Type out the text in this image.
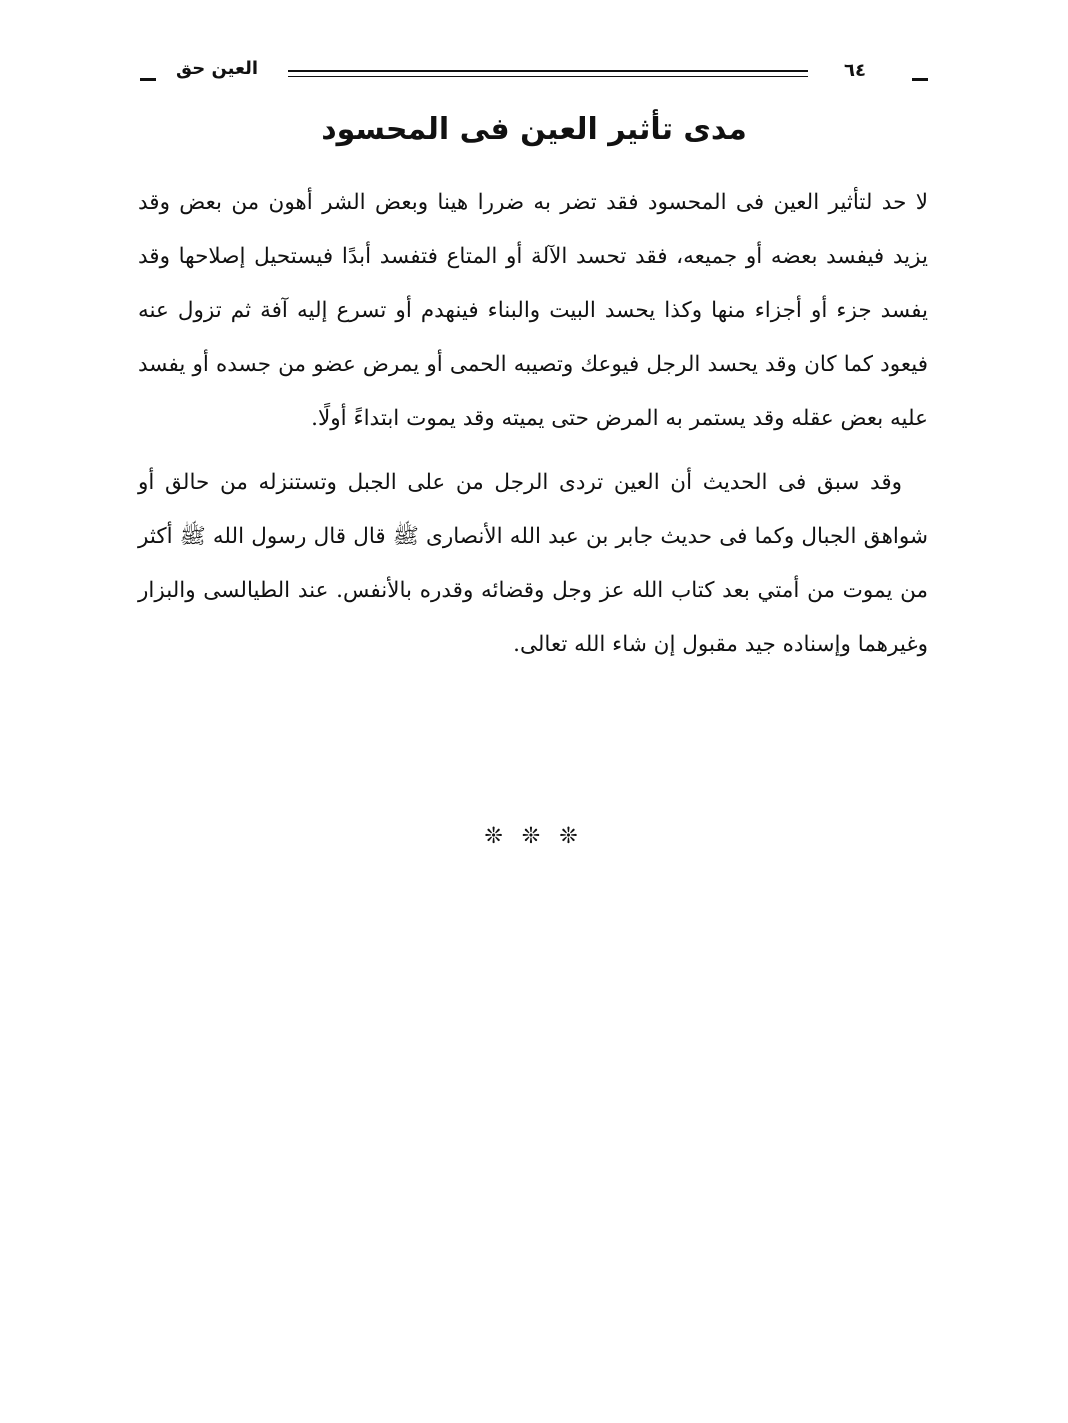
العين حق	٦٤
مدى تأثير العين فى المحسود

لا حد لتأثير العين فى المحسود فقد تضر به ضررا هينا وبعض الشر أهون من بعض وقد يزيد فيفسد بعضه أو جميعه، فقد تحسد الآلة أو المتاع فتفسد أبدًا فيستحيل إصلاحها وقد يفسد جزء أو أجزاء منها وكذا يحسد البيت والبناء فينهدم أو تسرع إليه آفة ثم تزول عنه فيعود كما كان وقد يحسد الرجل فيوعك وتصيبه الحمى أو يمرض عضو من جسده أو يفسد عليه بعض عقله وقد يستمر به المرض حتى يميته وقد يموت ابتداءً أولًا.

وقد سبق فى الحديث أن العين تردى الرجل من على الجبل وتستنزله من حالق أو شواهق الجبال وكما فى حديث جابر بن عبد الله الأنصارى ﷺ قال قال رسول الله ﷺ أكثر من يموت من أمتي بعد كتاب الله عز وجل وقضائه وقدره بالأنفس. عند الطيالسى والبزار وغيرهما وإسناده جيد مقبول إن شاء الله تعالى.

❊ ❊ ❊
